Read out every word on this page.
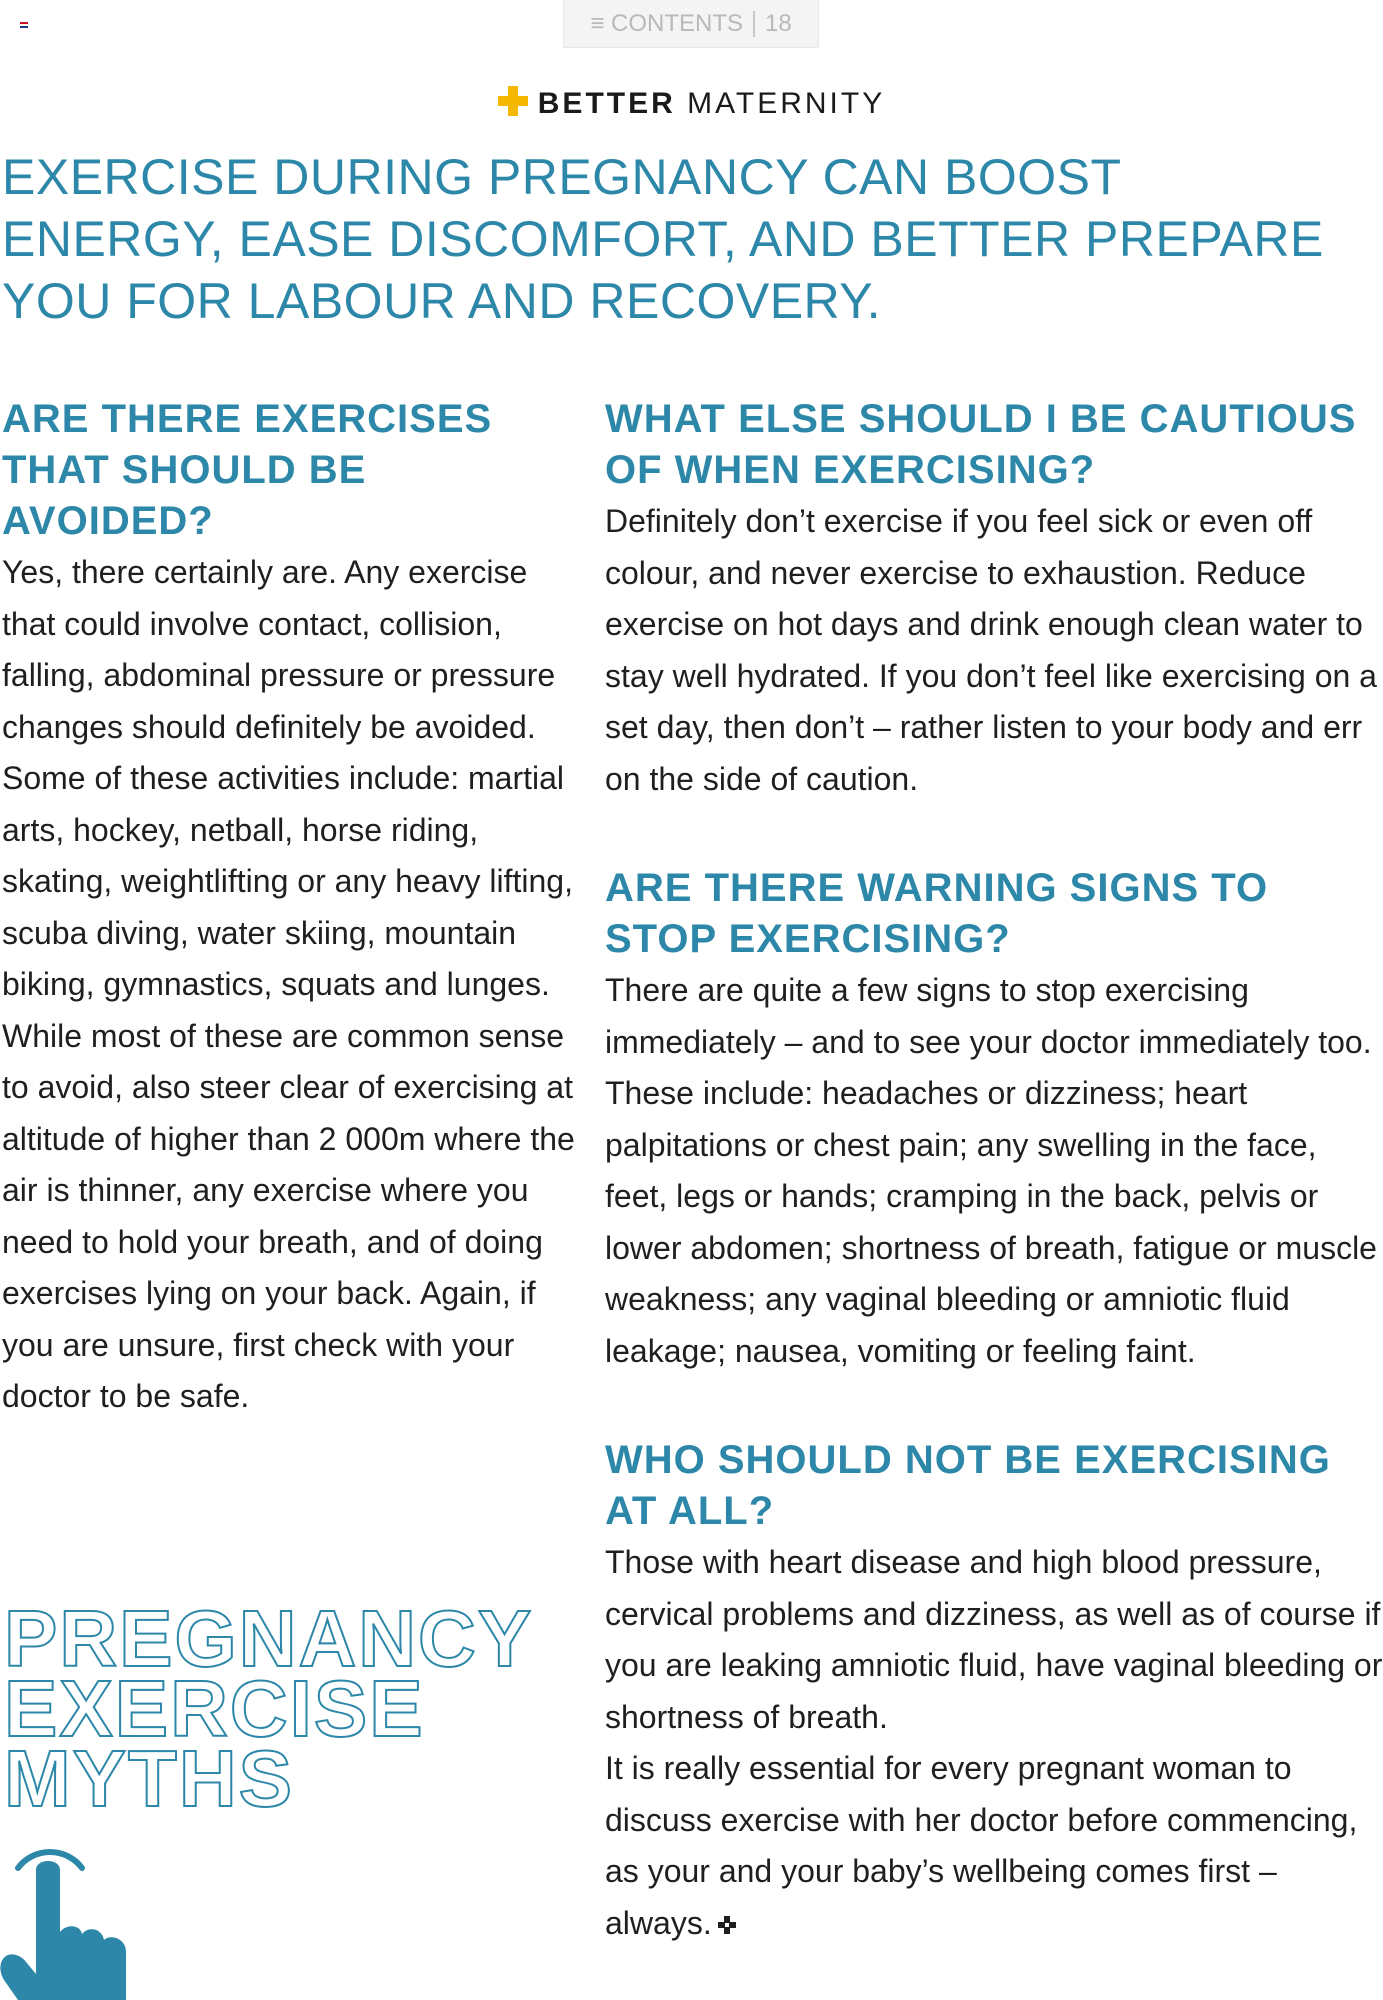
≡ CONTENTS 18
BETTER MATERNITY
EXERCISE DURING PREGNANCY CAN BOOST ENERGY, EASE DISCOMFORT, AND BETTER PREPARE YOU FOR LABOUR AND RECOVERY.
ARE THERE EXERCISES THAT SHOULD BE AVOIDED?

Yes, there certainly are. Any exercise that could involve contact, collision, falling, abdominal pressure or pressure changes should definitely be avoided. Some of these activities include: martial arts, hockey, netball, horse riding, skating, weightlifting or any heavy lifting, scuba diving, water skiing, mountain biking, gymnastics, squats and lunges. While most of these are common sense to avoid, also steer clear of exercising at altitude of higher than 2 000m where the air is thinner, any exercise where you need to hold your breath, and of doing exercises lying on your back. Again, if you are unsure, first check with your doctor to be safe.

WHAT ELSE SHOULD I BE CAUTIOUS OF WHEN EXERCISING?

Definitely don’t exercise if you feel sick or even off colour, and never exercise to exhaustion. Reduce exercise on hot days and drink enough clean water to stay well hydrated. If you don’t feel like exercising on a set day, then don’t – rather listen to your body and err on the side of caution.

ARE THERE WARNING SIGNS TO STOP EXERCISING?

There are quite a few signs to stop exercising immediately – and to see your doctor immediately too. These include: headaches or dizziness; heart palpitations or chest pain; any swelling in the face, feet, legs or hands; cramping in the back, pelvis or lower abdomen; shortness of breath, fatigue or muscle weakness; any vaginal bleeding or amniotic fluid leakage; nausea, vomiting or feeling faint.

WHO SHOULD NOT BE EXERCISING AT ALL?

Those with heart disease and high blood pressure, cervical problems and dizziness, as well as of course if you are leaking amniotic fluid, have vaginal bleeding or shortness of breath.

It is really essential for every pregnant woman to discuss exercise with her doctor before commencing, as your and your baby’s wellbeing comes first – always.

PREGNANCY
EXERCISE
MYTHS
